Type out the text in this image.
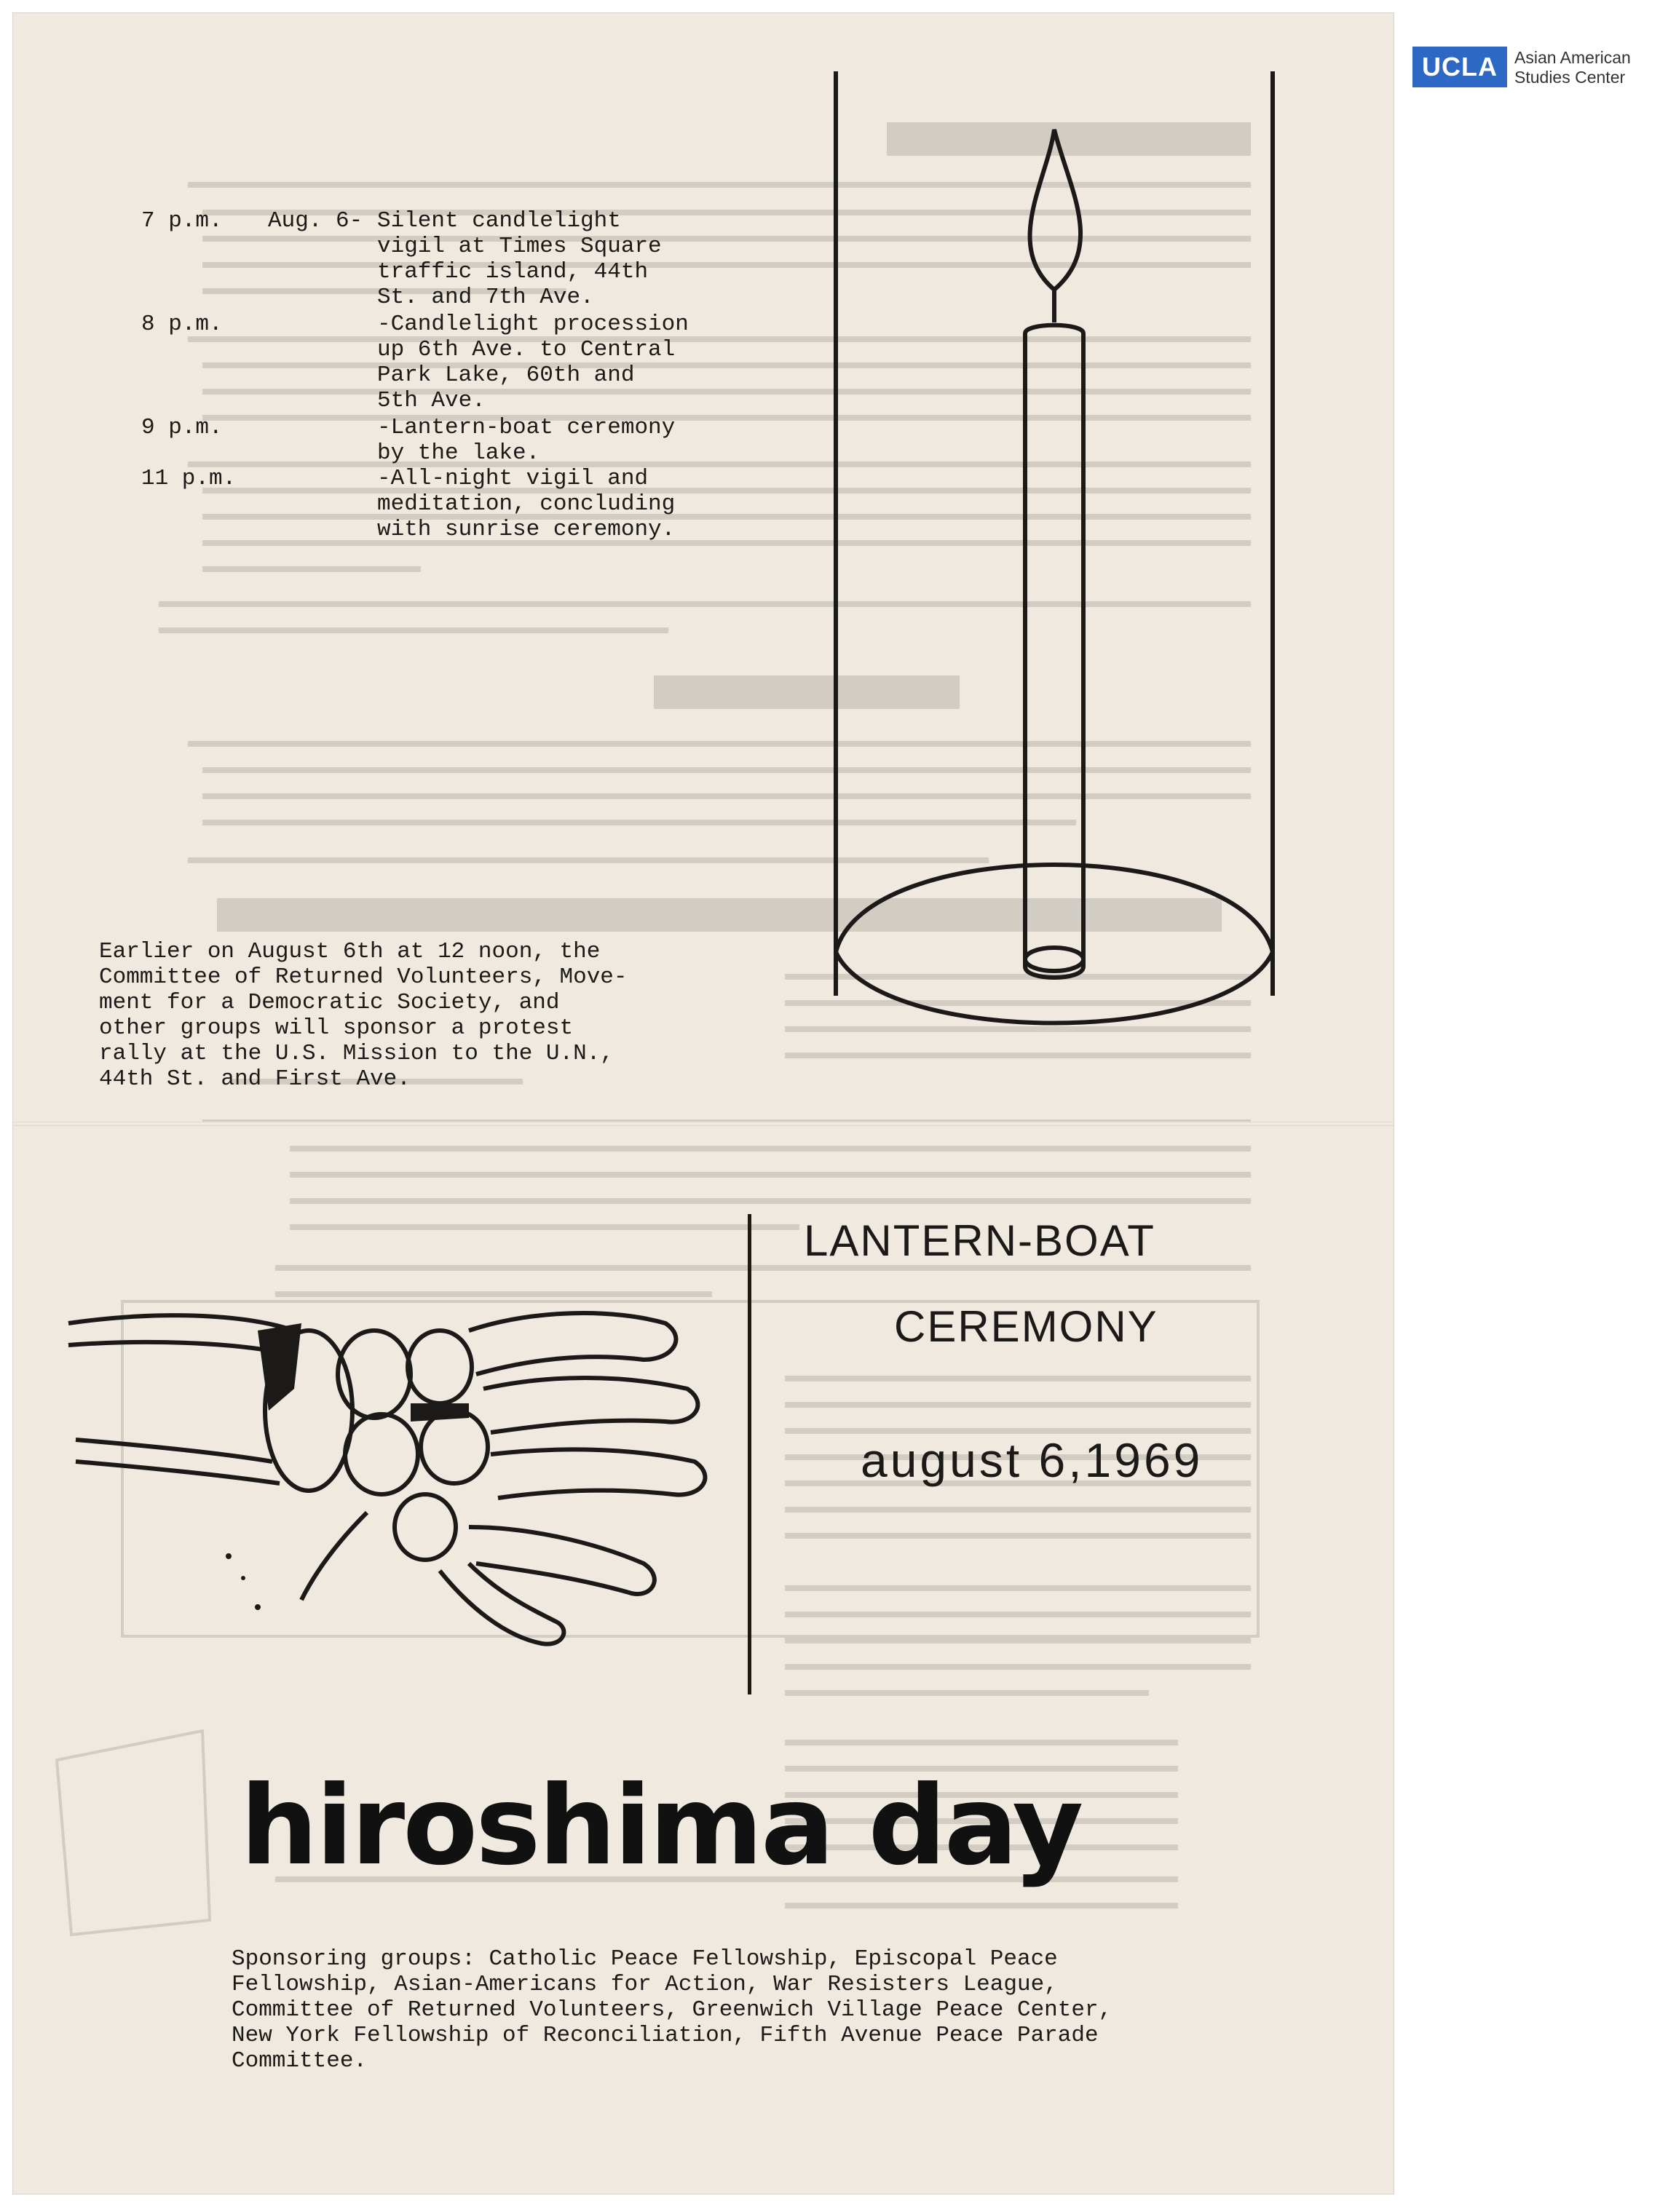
7 p.m. Aug. 6- Silent candlelight
vigil at Times Square
traffic island, 44th
St. and 7th Ave.
8 p.m.	-Candlelight procession
up 6th Ave. to Central
Park Lake, 60th and
5th Ave.
9 p.m.	-Lantern-boat ceremony
by the lake.
11 p.m.	-All-night vigil and
meditation, concluding
with sunrise ceremony.
Earlier on August 6th at 12 noon, the
Committee of Returned Volunteers, Move-
ment for a Democratic Society, and
other groups will sponsor a protest
rally at the U.S. Mission to the U.N.,
44th St. and First Ave.
LANTERN-BOAT
CEREMONY
august 6,1969
hiroshima day
Sponsoring groups: Catholic Peace Fellowship, Episcopal Peace
Fellowship, Asian-Americans for Action, War Resisters League,
Committee of Returned Volunteers, Greenwich Village Peace Center,
New York Fellowship of Reconciliation, Fifth Avenue Peace Parade
Committee.
UCLA	Asian American
Studies Center
